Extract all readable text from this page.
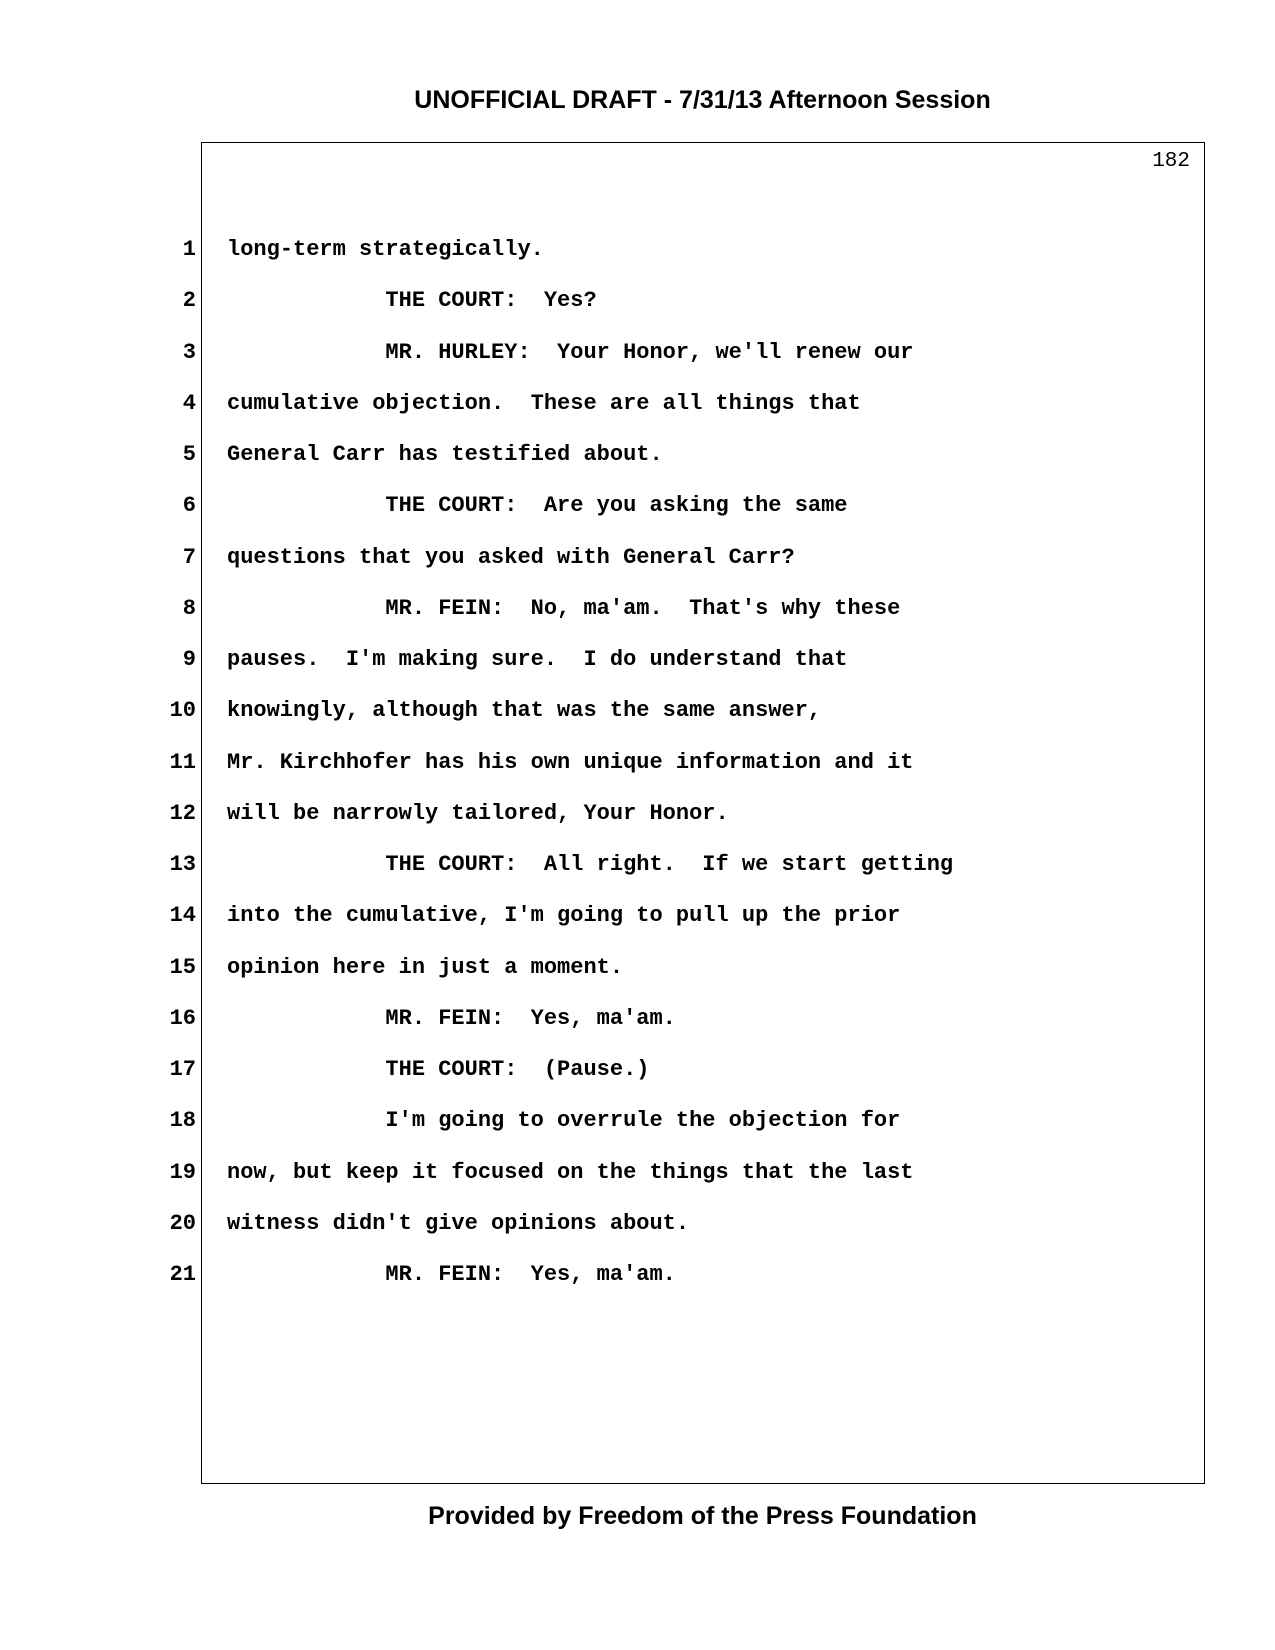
UNOFFICIAL DRAFT - 7/31/13 Afternoon Session
182
1 long-term strategically.
2 THE COURT:  Yes?
3 MR. HURLEY:  Your Honor, we'll renew our
4 cumulative objection.  These are all things that
5 General Carr has testified about.
6 THE COURT:  Are you asking the same
7 questions that you asked with General Carr?
8 MR. FEIN:  No, ma'am.  That's why these
9 pauses.  I'm making sure.  I do understand that
10 knowingly, although that was the same answer,
11 Mr. Kirchhofer has his own unique information and it
12 will be narrowly tailored, Your Honor.
13 THE COURT:  All right.  If we start getting
14 into the cumulative, I'm going to pull up the prior
15 opinion here in just a moment.
16 MR. FEIN:  Yes, ma'am.
17 THE COURT:  (Pause.)
18 I'm going to overrule the objection for
19 now, but keep it focused on the things that the last
20 witness didn't give opinions about.
21 MR. FEIN:  Yes, ma'am.
Provided by Freedom of the Press Foundation
